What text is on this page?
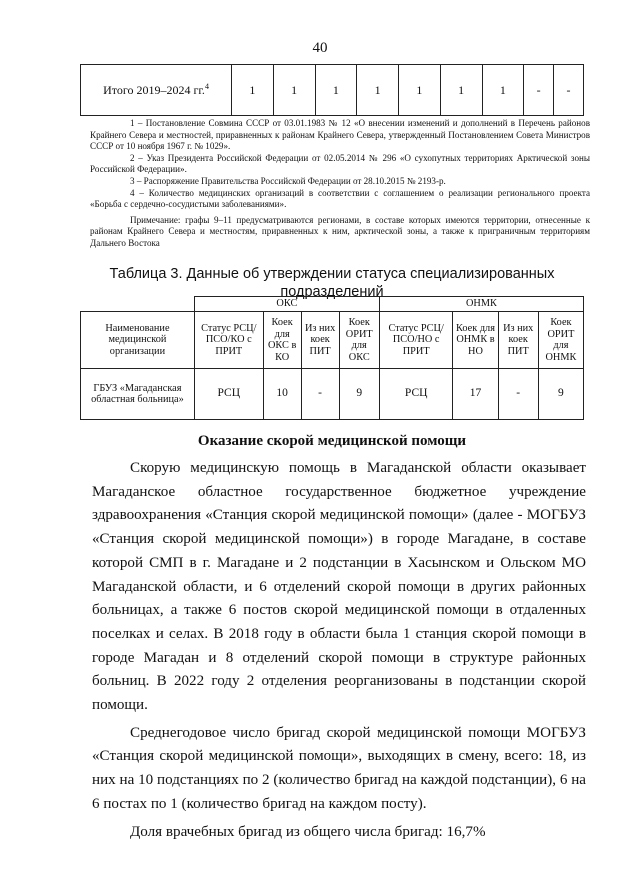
40
Итого 2019–2024 гг.$^4$	1	1	1	1	1	1	1	-	-

1 – Постановление Совмина СССР от 03.01.1983 № 12 «О внесении изменений и дополнений в Перечень районов Крайнего Севера и местностей, приравненных к районам Крайнего Севера, утвержденный Постановлением Совета Министров СССР от 10 ноября 1967 г. № 1029».

2 – Указ Президента Российской Федерации от 02.05.2014 № 296 «О сухопутных территориях Арктической зоны Российской Федерации».

3 – Распоряжение Правительства Российской Федерации от 28.10.2015 № 2193-р.

4 – Количество медицинских организаций в соответствии с соглашением о реализации регионального проекта «Борьба с сердечно-сосудистыми заболеваниями».

Примечание: графы 9–11 предусматриваются регионами, в составе которых имеются территории, отнесенные к районам Крайнего Севера и местностям, приравненных к ним, арктической зоны, а также к приграничным территориям Дальнего Востока

Таблица 3. Данные об утверждении статуса специализированных подразделений
	ОКС				ОНМК			
Наименование медицинской организации	Статус РСЦ/ПСО/КО с ПРИТ	Коек для ОКС в КО	Из них коек ПИТ	Коек ОРИТ для ОКС	Статус РСЦ/ПСО/НО с ПРИТ	Коек для ОНМК в НО	Из них коек ПИТ	Коек ОРИТ для ОНМК
ГБУЗ «Магаданская областная больница»	РСЦ	10	-	9	РСЦ	17	-	9
Оказание скорой медицинской помощи

Скорую медицинскую помощь в Магаданской области оказывает Магаданское областное государственное бюджетное учреждение здравоохранения «Станция скорой медицинской помощи» (далее - МОГБУЗ «Станция скорой медицинской помощи») в городе Магадане, в составе которой СМП в г. Магадане и 2 подстанции в Хасынском и Ольском МО Магаданской области, и 6 отделений скорой помощи в других районных больницах, а также 6 постов скорой медицинской помощи в отдаленных поселках и селах. В 2018 году в области была 1 станция скорой помощи в городе Магадан и 8 отделений скорой помощи в структуре районных больниц. В 2022 году 2 отделения реорганизованы в подстанции скорой помощи.

Среднегодовое число бригад скорой медицинской помощи МОГБУЗ «Станция скорой медицинской помощи», выходящих в смену, всего: 18, из них на 10 подстанциях по 2 (количество бригад на каждой подстанции), 6 на 6 постах по 1 (количество бригад на каждом посту).

Доля врачебных бригад из общего числа бригад: 16,7%
